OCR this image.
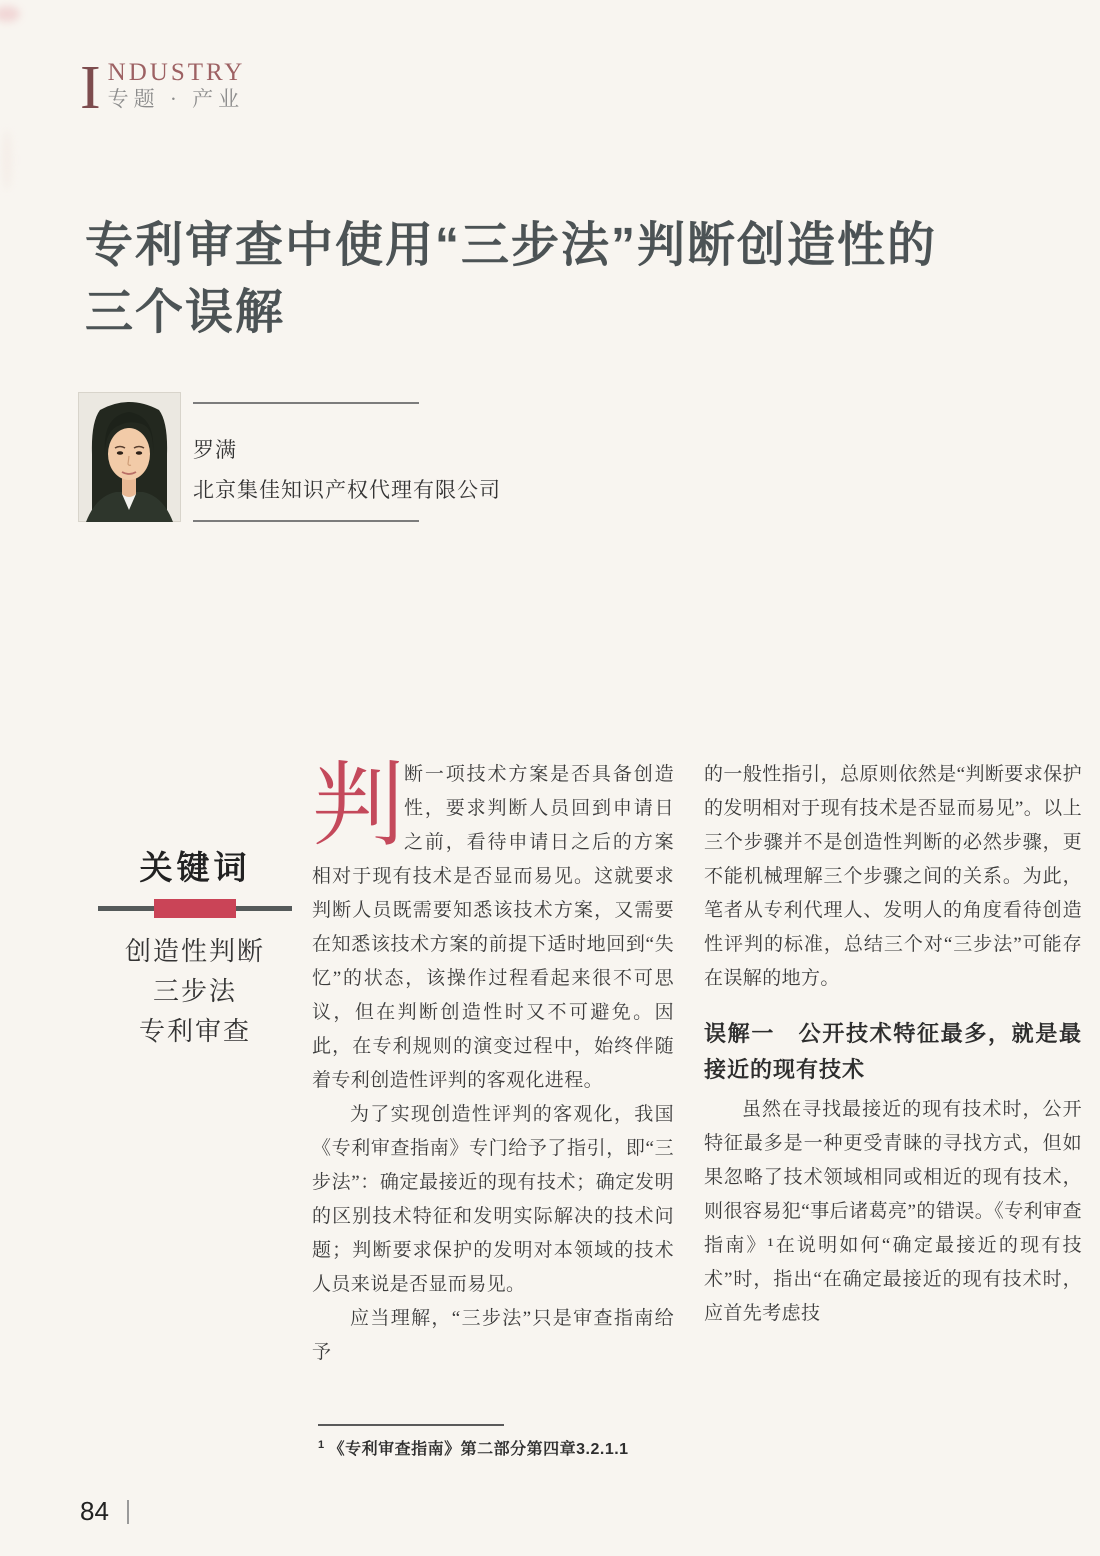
I NDUSTRY
专题 · 产业
专利审查中使用“三步法”判断创造性的
三个误解
罗满
北京集佳知识产权代理有限公司
关键词
创造性判断
三步法
专利审查

判断一项技术方案是否具备创造性，要求判断人员回到申请日之前，看待申请日之后的方案相对于现有技术是否显而易见。这就要求判断人员既需要知悉该技术方案，又需要在知悉该技术方案的前提下适时地回到“失忆”的状态，该操作过程看起来很不可思议，但在判断创造性时又不可避免。因此，在专利规则的演变过程中，始终伴随着专利创造性评判的客观化进程。

为了实现创造性评判的客观化，我国《专利审查指南》专门给予了指引，即“三步法”：确定最接近的现有技术；确定发明的区别技术特征和发明实际解决的技术问题；判断要求保护的发明对本领域的技术人员来说是否显而易见。

应当理解，“三步法”只是审查指南给予

的一般性指引，总原则依然是“判断要求保护的发明相对于现有技术是否显而易见”。以上三个步骤并不是创造性判断的必然步骤，更不能机械理解三个步骤之间的关系。为此，笔者从专利代理人、发明人的角度看待创造性评判的标准，总结三个对“三步法”可能存在误解的地方。

误解一　公开技术特征最多，就是最接近的现有技术

虽然在寻找最接近的现有技术时，公开特征最多是一种更受青睐的寻找方式，但如果忽略了技术领域相同或相近的现有技术，则很容易犯“事后诸葛亮”的错误。《专利审查指南》¹在说明如何“确定最接近的现有技术”时，指出“在确定最接近的现有技术时，应首先考虑技

$^1$ 《专利审查指南》第二部分第四章3.2.1.1
84
